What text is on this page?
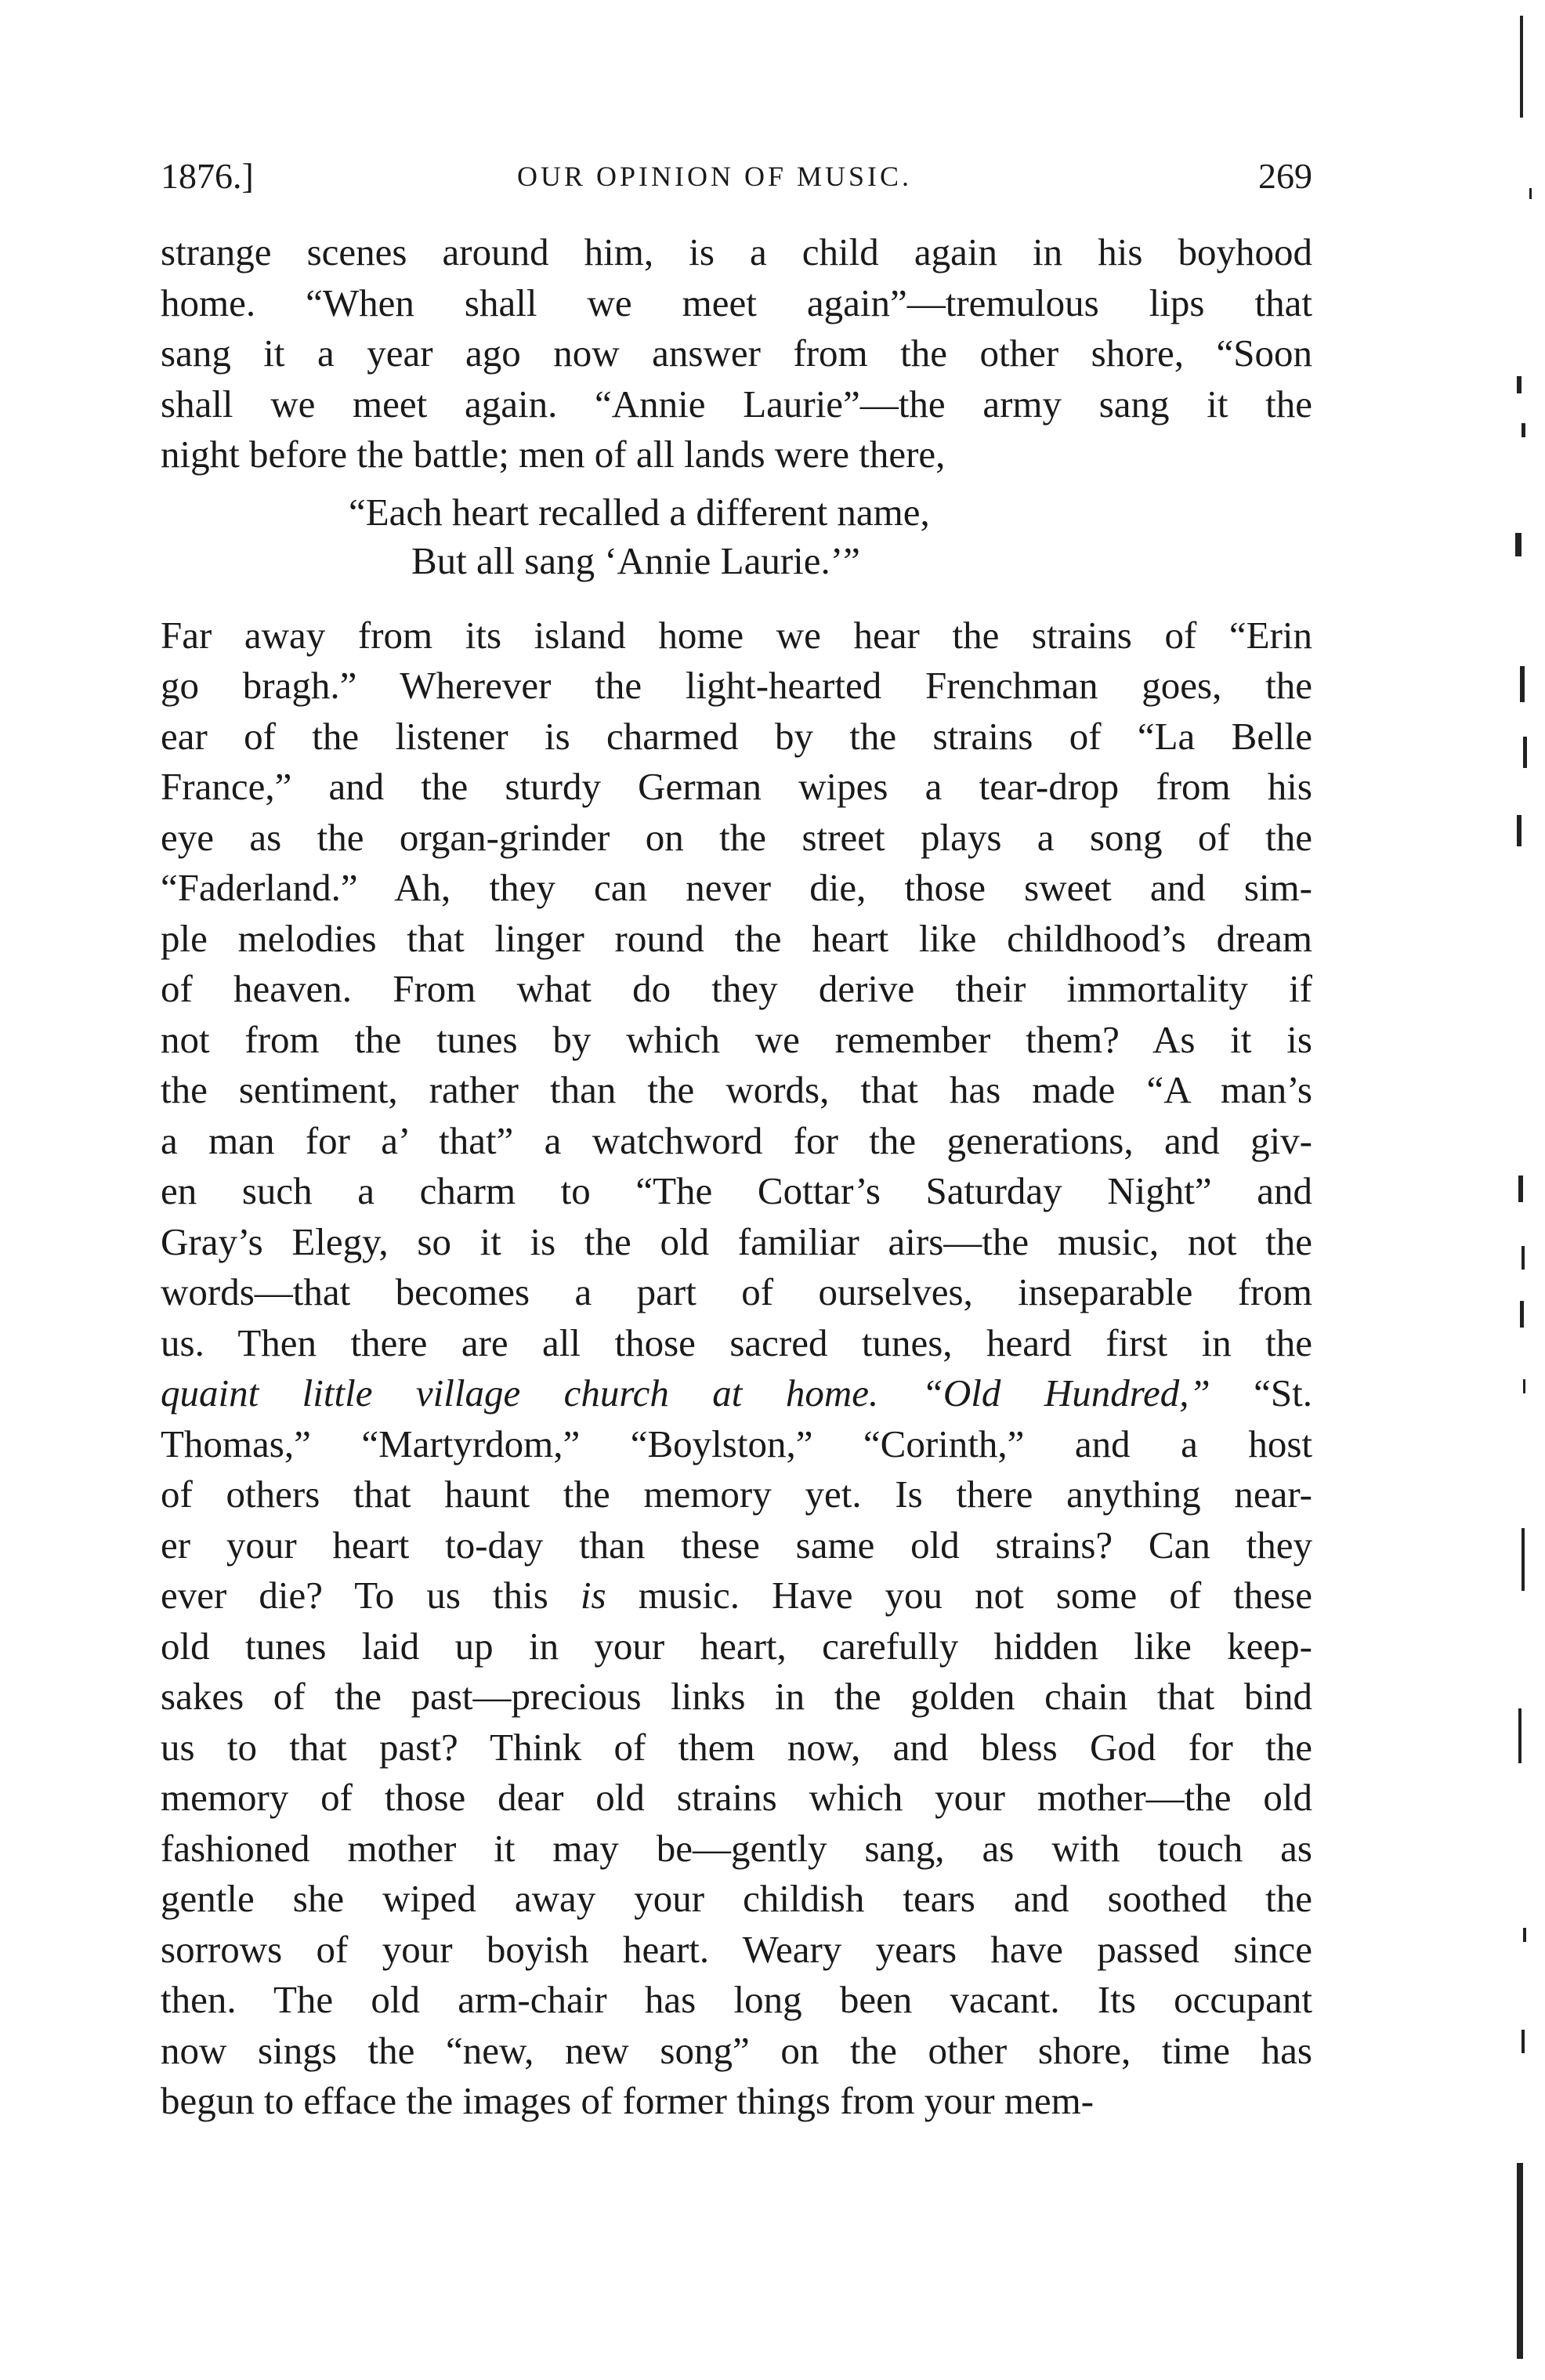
1876.]	OUR OPINION OF MUSIC.	269
strange scenes around him, is a child again in his boyhood
home. “When shall we meet again”—tremulous lips that
sang it a year ago now answer from the other shore, “Soon
shall we meet again. “Annie Laurie”—the army sang it the
night before the battle; men of all lands were there,
“Each heart recalled a different name,
But all sang ‘Annie Laurie.’”
Far away from its island home we hear the strains of “Erin
go bragh.” Wherever the light-hearted Frenchman goes, the
ear of the listener is charmed by the strains of “La Belle
France,” and the sturdy German wipes a tear-drop from his
eye as the organ-grinder on the street plays a song of the
“Faderland.” Ah, they can never die, those sweet and sim-
ple melodies that linger round the heart like childhood’s dream
of heaven. From what do they derive their immortality if
not from the tunes by which we remember them? As it is
the sentiment, rather than the words, that has made “A man’s
a man for a’ that” a watchword for the generations, and giv-
en such a charm to “The Cottar’s Saturday Night” and
Gray’s Elegy, so it is the old familiar airs—the music, not the
words—that becomes a part of ourselves, inseparable from
us. Then there are all those sacred tunes, heard first in the
quaint little village church at home. “Old Hundred,” “St.
Thomas,” “Martyrdom,” “Boylston,” “Corinth,” and a host
of others that haunt the memory yet. Is there anything near-
er your heart to-day than these same old strains? Can they
ever die? To us this is music. Have you not some of these
old tunes laid up in your heart, carefully hidden like keep-
sakes of the past—precious links in the golden chain that bind
us to that past? Think of them now, and bless God for the
memory of those dear old strains which your mother—the old
fashioned mother it may be—gently sang, as with touch as
gentle she wiped away your childish tears and soothed the
sorrows of your boyish heart. Weary years have passed since
then. The old arm-chair has long been vacant. Its occupant
now sings the “new, new song” on the other shore, time has
begun to efface the images of former things from your mem-
